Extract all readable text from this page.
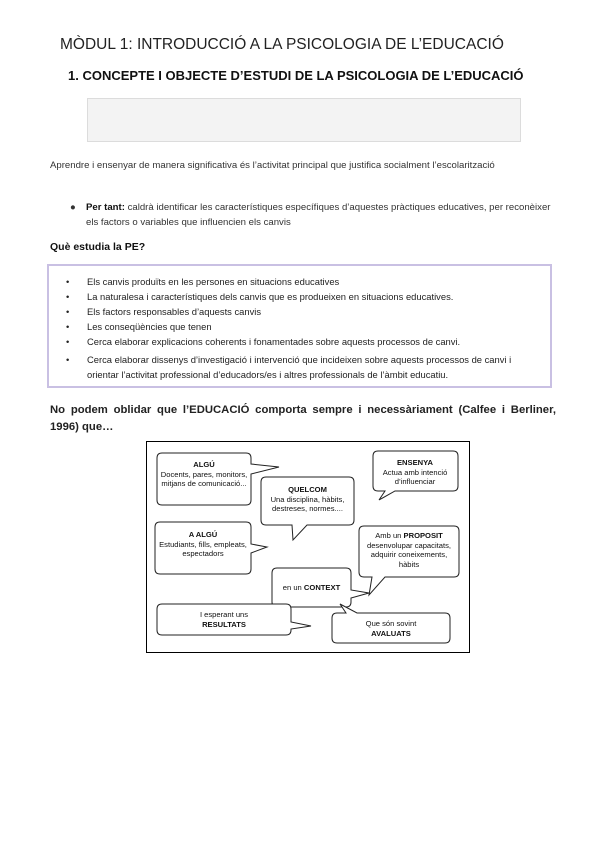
MÒDUL 1: INTRODUCCIÓ A LA PSICOLOGIA DE L’EDUCACIÓ
1. CONCEPTE I OBJECTE D’ESTUDI DE LA PSICOLOGIA DE L’EDUCACIÓ
Aprendre i ensenyar de manera significativa és l’activitat principal que justifica socialment l’escolarització
● Per tant: caldrà identificar les característiques específiques d’aquestes pràctiques educatives, per reconèixer els factors o variables que influencien els canvis
Què estudia la PE?
• Els canvis produïts en les persones en situacions educatives
• La naturalesa i característiques dels canvis que es produeixen en situacions educatives.
• Els factors responsables d’aquests canvis
• Les conseqüències que tenen
• Cerca elaborar explicacions coherents i fonamentades sobre aquests processos de canvi.
• Cerca elaborar dissenys d’investigació i intervenció que incideixen sobre aquests processos de canvi i orientar l’activitat professional d’educadors/es i altres professionals de l’àmbit educatiu.
No podem oblidar que l’EDUCACIÓ comporta sempre i necessàriament (Calfee i Berliner, 1996) que…
ALGÚ
Docents, pares, monitors, mitjans de comunicació...
ENSENYA
Actua amb intenció d’influenciar
QUELCOM
Una disciplina, hàbits, destreses, normes....
A ALGÚ
Estudiants, fills, empleats, espectadors
Amb un PROPOSIT
desenvolupar capacitats, adquirir coneixements, hàbits
en un CONTEXT
I esperant uns
RESULTATS	Que són sovint
AVALUATS
